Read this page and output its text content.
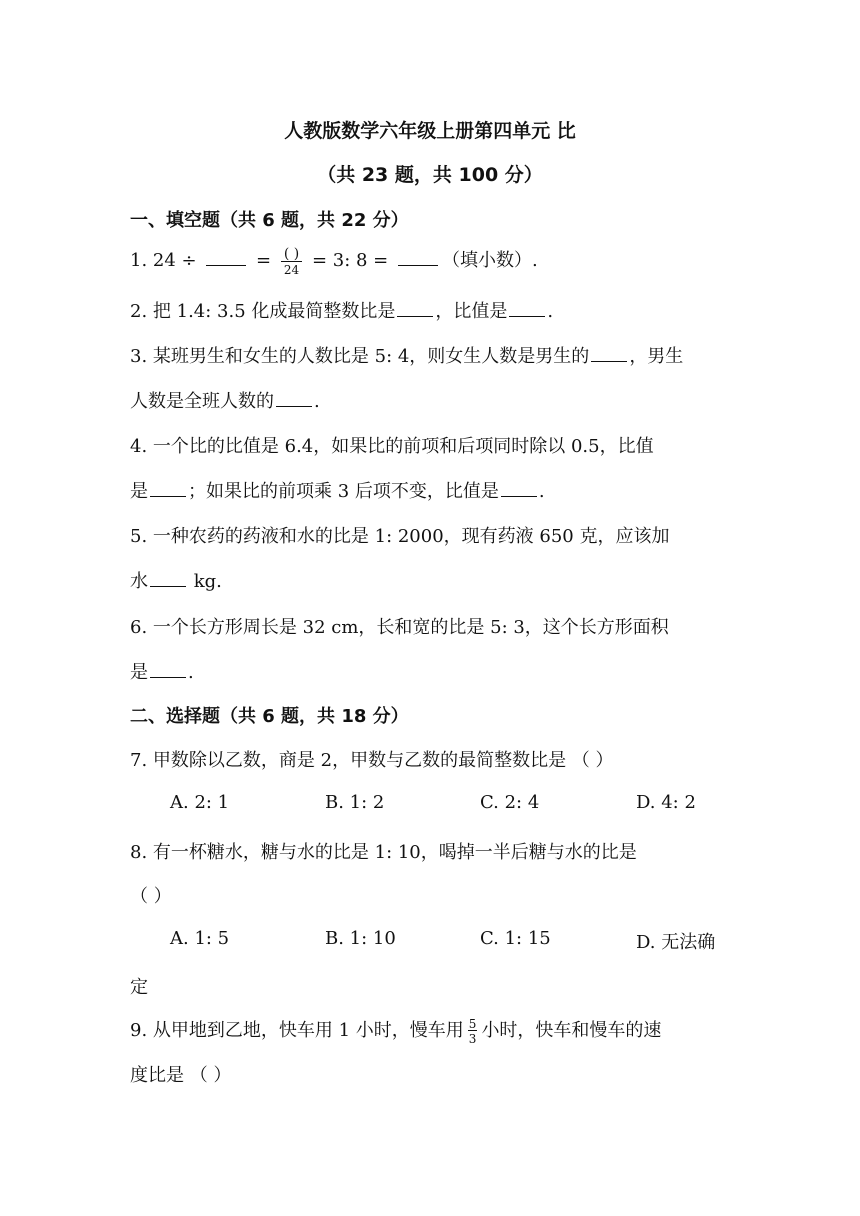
人教版数学六年级上册第四单元 比
（共 23 题，共 100 分）
一、填空题（共 6 题，共 22 分）
1. 24 ÷	= $\frac{( )}{24} = 3$: 8 =	（填小数）.
2. 把 1.4: 3.5 化成最简整数比是 ，比值是 .
3. 某班男生和女生的人数比是 5: 4，则女生人数是男生的 ，男生
人数是全班人数的 .
4. 一个比的比值是 6.4，如果比的前项和后项同时除以 0.5，比值
是 ；如果比的前项乘 3 后项不变，比值是 .
5. 一种农药的药液和水的比是 1: 2000，现有药液 650 克，应该加
水 kg.
6. 一个长方形周长是 32 cm，长和宽的比是 5: 3，这个长方形面积
是 .
二、选择题（共 6 题，共 18 分）
7. 甲数除以乙数，商是 2，甲数与乙数的最简整数比是 （ ）
A. 2: 1	B. 1: 2	C. 2: 4	D. 4: 2
8. 有一杯糖水，糖与水的比是 1: 10，喝掉一半后糖与水的比是
（ ）
A. 1: 5	B. 1: 10	C. 1: 15	D. 无法确
定
9. 从甲地到乙地，快车用 1 小时，慢车用 $\frac{5}{3}$ 小时，快车和慢车的速
度比是 （ ）
